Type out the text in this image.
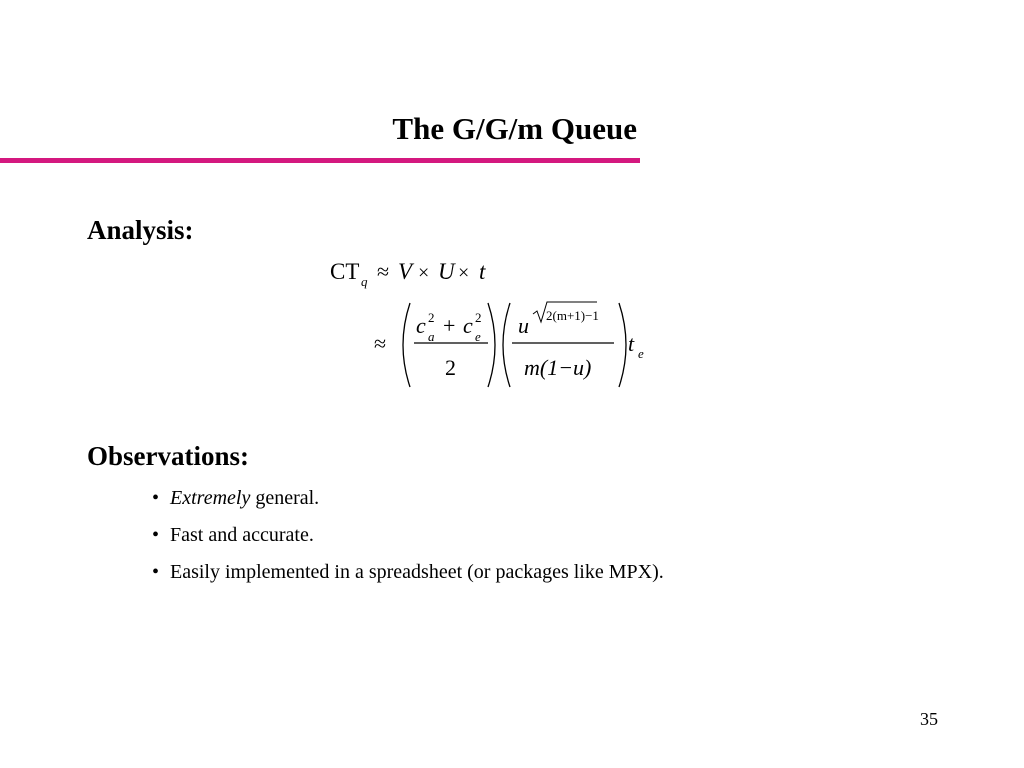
The G/G/m Queue
Analysis:
CT q ≈ V × U × t
≈
c a
2 + c e
2
2
u 2(m+1)−1
m(1−u)
t e
Observations:
• Extremely general.
• Fast and accurate.
• Easily implemented in a spreadsheet (or packages like MPX).
35
